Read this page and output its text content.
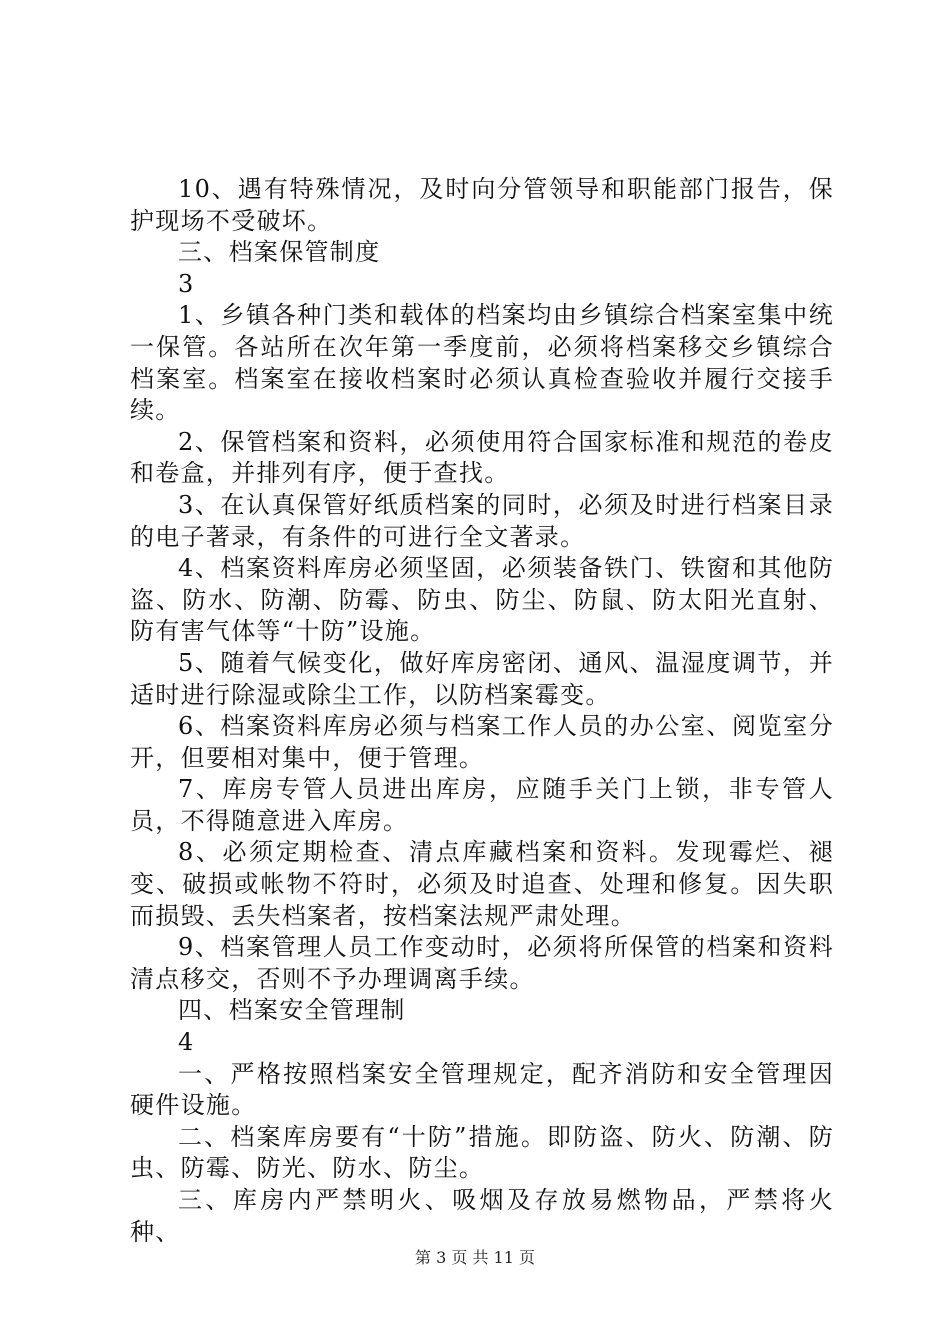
10、遇有特殊情况，及时向分管领导和职能部门报告，保护现场不受破坏。

三、档案保管制度

3

1、乡镇各种门类和载体的档案均由乡镇综合档案室集中统一保管。各站所在次年第一季度前，必须将档案移交乡镇综合档案室。档案室在接收档案时必须认真检查验收并履行交接手续。

2、保管档案和资料，必须使用符合国家标准和规范的卷皮和卷盒，并排列有序，便于查找。

3、在认真保管好纸质档案的同时，必须及时进行档案目录的电子著录，有条件的可进行全文著录。

4、档案资料库房必须坚固，必须装备铁门、铁窗和其他防盗、防水、防潮、防霉、防虫、防尘、防鼠、防太阳光直射、防有害气体等“十防”设施。

5、随着气候变化，做好库房密闭、通风、温湿度调节，并适时进行除湿或除尘工作，以防档案霉变。

6、档案资料库房必须与档案工作人员的办公室、阅览室分开，但要相对集中，便于管理。

7、库房专管人员进出库房，应随手关门上锁，非专管人员，不得随意进入库房。

8、必须定期检查、清点库藏档案和资料。发现霉烂、褪变、破损或帐物不符时，必须及时追查、处理和修复。因失职而损毁、丢失档案者，按档案法规严肃处理。

9、档案管理人员工作变动时，必须将所保管的档案和资料清点移交，否则不予办理调离手续。

四、档案安全管理制

4

一、严格按照档案安全管理规定，配齐消防和安全管理因硬件设施。

二、档案库房要有“十防”措施。即防盗、防火、防潮、防虫、防霉、防光、防水、防尘。

三、库房内严禁明火、吸烟及存放易燃物品，严禁将火种、

第 3 页 共 11 页
